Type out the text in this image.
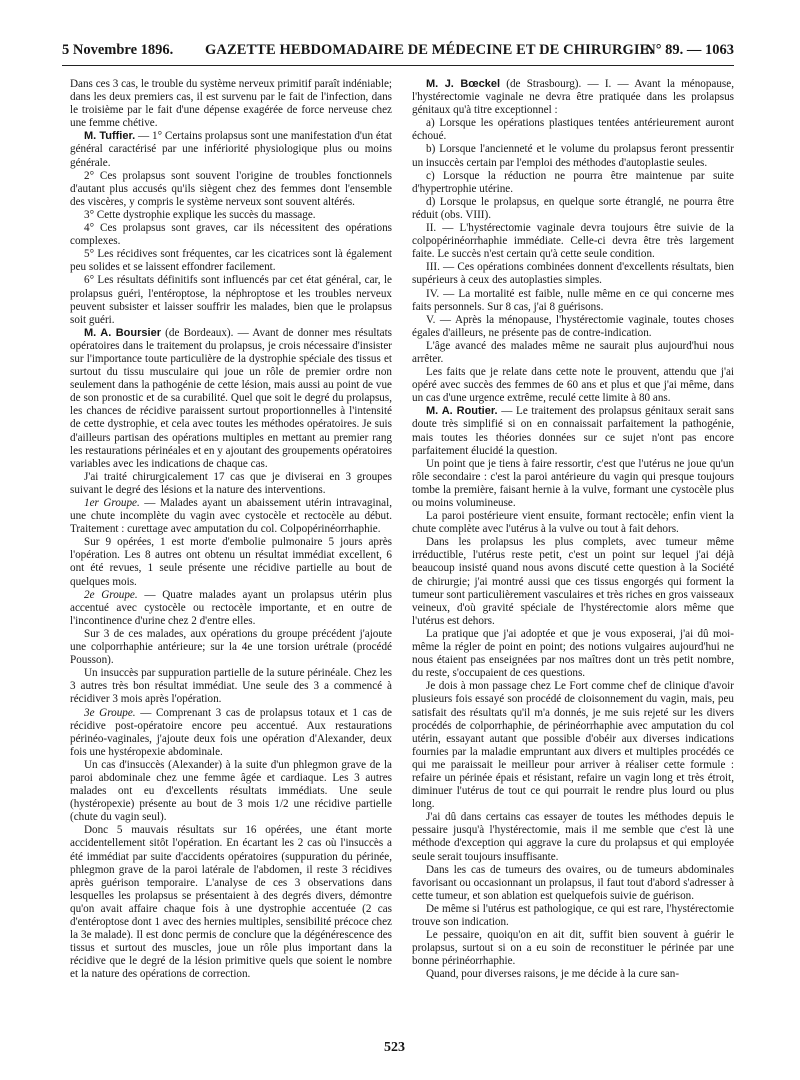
5 Novembre 1896. GAZETTE HEBDOMADAIRE DE MÉDECINE ET DE CHIRURGIE.
N° 89. — 1063

Dans ces 3 cas, le trouble du système nerveux primitif paraît indéniable; dans les deux premiers cas, il est survenu par le fait de l'infection, dans le troisième par le fait d'une dépense exagérée de force nerveuse chez une femme chétive.

M. Tuffier. — 1° Certains prolapsus sont une manifestation d'un état général caractérisé par une infériorité physiologique plus ou moins générale.

2° Ces prolapsus sont souvent l'origine de troubles fonctionnels d'autant plus accusés qu'ils siègent chez des femmes dont l'ensemble des viscères, y compris le système nerveux sont souvent altérés.

3° Cette dystrophie explique les succès du massage.

4° Ces prolapsus sont graves, car ils nécessitent des opérations complexes.

5° Les récidives sont fréquentes, car les cicatrices sont là également peu solides et se laissent effondrer facilement.

6° Les résultats définitifs sont influencés par cet état général, car, le prolapsus guéri, l'entéroptose, la néphroptose et les troubles nerveux peuvent subsister et laisser souffrir les malades, bien que le prolapsus soit guéri.

M. A. Boursier (de Bordeaux). — Avant de donner mes résultats opératoires dans le traitement du prolapsus, je crois nécessaire d'insister sur l'importance toute particulière de la dystrophie spéciale des tissus et surtout du tissu musculaire qui joue un rôle de premier ordre non seulement dans la pathogénie de cette lésion, mais aussi au point de vue de son pronostic et de sa curabilité. Quel que soit le degré du prolapsus, les chances de récidive paraissent surtout proportionnelles à l'intensité de cette dystrophie, et cela avec toutes les méthodes opératoires. Je suis d'ailleurs partisan des opérations multiples en mettant au premier rang les restaurations périnéales et en y ajoutant des groupements opératoires variables avec les indications de chaque cas.

J'ai traité chirurgicalement 17 cas que je diviserai en 3 groupes suivant le degré des lésions et la nature des interventions.

1er Groupe. — Malades ayant un abaissement utérin intravaginal, une chute incomplète du vagin avec cystocèle et rectocèle au début. Traitement : curettage avec amputation du col. Colpopérinéorrhaphie.

Sur 9 opérées, 1 est morte d'embolie pulmonaire 5 jours après l'opération. Les 8 autres ont obtenu un résultat immédiat excellent, 6 ont été revues, 1 seule présente une récidive partielle au bout de quelques mois.

2e Groupe. — Quatre malades ayant un prolapsus utérin plus accentué avec cystocèle ou rectocèle importante, et en outre de l'incontinence d'urine chez 2 d'entre elles.

Sur 3 de ces malades, aux opérations du groupe précédent j'ajoute une colporrhaphie antérieure; sur la 4e une torsion urétrale (procédé Pousson).

Un insuccès par suppuration partielle de la suture périnéale. Chez les 3 autres très bon résultat immédiat. Une seule des 3 a commencé à récidiver 3 mois après l'opération.

3e Groupe. — Comprenant 3 cas de prolapsus totaux et 1 cas de récidive post-opératoire encore peu accentué. Aux restaurations périnéo-vaginales, j'ajoute deux fois une opération d'Alexander, deux fois une hystéropexie abdominale.

Un cas d'insuccès (Alexander) à la suite d'un phlegmon grave de la paroi abdominale chez une femme âgée et cardiaque. Les 3 autres malades ont eu d'excellents résultats immédiats. Une seule (hystéropexie) présente au bout de 3 mois 1/2 une récidive partielle (chute du vagin seul).

Donc 5 mauvais résultats sur 16 opérées, une étant morte accidentellement sitôt l'opération. En écartant les 2 cas où l'insuccès a été immédiat par suite d'accidents opératoires (suppuration du périnée, phlegmon grave de la paroi latérale de l'abdomen, il reste 3 récidives après guérison temporaire. L'analyse de ces 3 observations dans lesquelles les prolapsus se présentaient à des degrés divers, démontre qu'on avait affaire chaque fois à une dystrophie accentuée (2 cas d'entéroptose dont 1 avec des hernies multiples, sensibilité précoce chez la 3e malade). Il est donc permis de conclure que la dégénérescence des tissus et surtout des muscles, joue un rôle plus important dans la récidive que le degré de la lésion primitive quels que soient le nombre et la nature des opérations de correction.

M. J. Bœckel (de Strasbourg). — I. — Avant la ménopause, l'hystérectomie vaginale ne devra être pratiquée dans les prolapsus génitaux qu'à titre exceptionnel :

a) Lorsque les opérations plastiques tentées antérieurement auront échoué.

b) Lorsque l'ancienneté et le volume du prolapsus feront pressentir un insuccès certain par l'emploi des méthodes d'autoplastie seules.

c) Lorsque la réduction ne pourra être maintenue par suite d'hypertrophie utérine.

d) Lorsque le prolapsus, en quelque sorte étranglé, ne pourra être réduit (obs. VIII).

II. — L'hystérectomie vaginale devra toujours être suivie de la colpopérinéorrhaphie immédiate. Celle-ci devra être très largement faite. Le succès n'est certain qu'à cette seule condition.

III. — Ces opérations combinées donnent d'excellents résultats, bien supérieurs à ceux des autoplasties simples.

IV. — La mortalité est faible, nulle même en ce qui concerne mes faits personnels. Sur 8 cas, j'ai 8 guérisons.

V. — Après la ménopause, l'hystérectomie vaginale, toutes choses égales d'ailleurs, ne présente pas de contre-indication.

L'âge avancé des malades même ne saurait plus aujourd'hui nous arrêter.

Les faits que je relate dans cette note le prouvent, attendu que j'ai opéré avec succès des femmes de 60 ans et plus et que j'ai même, dans un cas d'une urgence extrême, reculé cette limite à 80 ans.

M. A. Routier. — Le traitement des prolapsus génitaux serait sans doute très simplifié si on en connaissait parfaitement la pathogénie, mais toutes les théories données sur ce sujet n'ont pas encore parfaitement élucidé la question.

Un point que je tiens à faire ressortir, c'est que l'utérus ne joue qu'un rôle secondaire : c'est la paroi antérieure du vagin qui presque toujours tombe la première, faisant hernie à la vulve, formant une cystocèle plus ou moins volumineuse.

La paroi postérieure vient ensuite, formant rectocèle; enfin vient la chute complète avec l'utérus à la vulve ou tout à fait dehors.

Dans les prolapsus les plus complets, avec tumeur même irréductible, l'utérus reste petit, c'est un point sur lequel j'ai déjà beaucoup insisté quand nous avons discuté cette question à la Société de chirurgie; j'ai montré aussi que ces tissus engorgés qui forment la tumeur sont particulièrement vasculaires et très riches en gros vaisseaux veineux, d'où gravité spéciale de l'hystérectomie alors même que l'utérus est dehors.

La pratique que j'ai adoptée et que je vous exposerai, j'ai dû moi-même la régler de point en point; des notions vulgaires aujourd'hui ne nous étaient pas enseignées par nos maîtres dont un très petit nombre, du reste, s'occupaient de ces questions.

Je dois à mon passage chez Le Fort comme chef de clinique d'avoir plusieurs fois essayé son procédé de cloisonnement du vagin, mais, peu satisfait des résultats qu'il m'a donnés, je me suis rejeté sur les divers procédés de colporrhaphie, de périnéorrhaphie avec amputation du col utérin, essayant autant que possible d'obéir aux diverses indications fournies par la maladie empruntant aux divers et multiples procédés ce qui me paraissait le meilleur pour arriver à réaliser cette formule : refaire un périnée épais et résistant, refaire un vagin long et très étroit, diminuer l'utérus de tout ce qui pourrait le rendre plus lourd ou plus long.

J'ai dû dans certains cas essayer de toutes les méthodes depuis le pessaire jusqu'à l'hystérectomie, mais il me semble que c'est là une méthode d'exception qui aggrave la cure du prolapsus et qui employée seule serait toujours insuffisante.

Dans les cas de tumeurs des ovaires, ou de tumeurs abdominales favorisant ou occasionnant un prolapsus, il faut tout d'abord s'adresser à cette tumeur, et son ablation est quelquefois suivie de guérison.

De même si l'utérus est pathologique, ce qui est rare, l'hystérectomie trouve son indication.

Le pessaire, quoiqu'on en ait dit, suffit bien souvent à guérir le prolapsus, surtout si on a eu soin de reconstituer le périnée par une bonne périnéorrhaphie.

Quand, pour diverses raisons, je me décide à la cure san-

523
